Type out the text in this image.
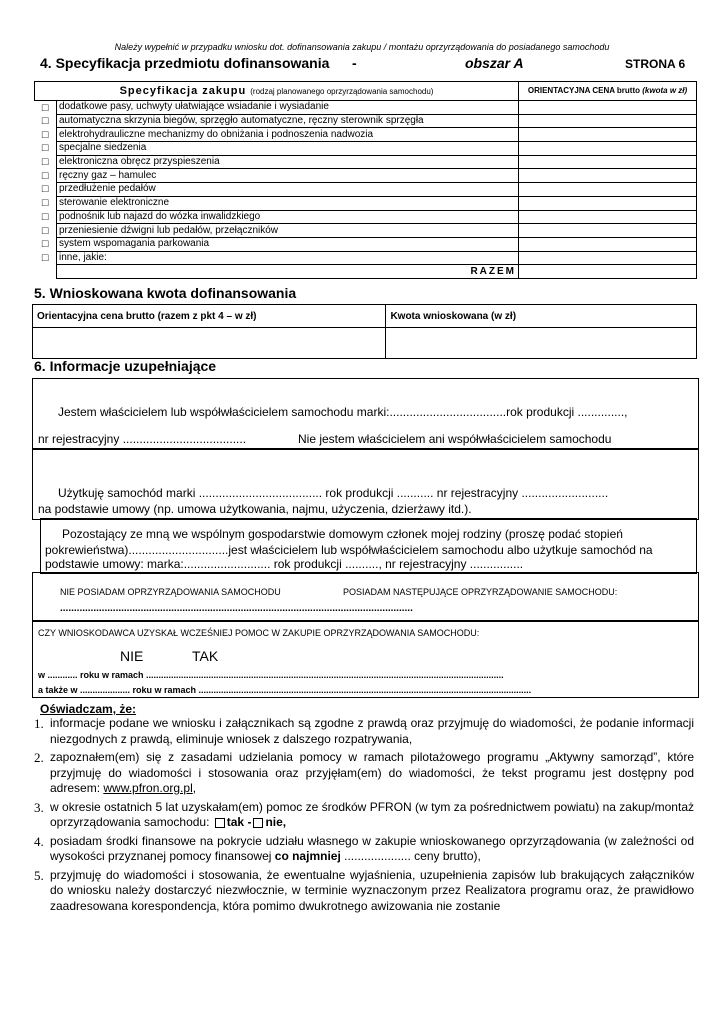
Należy wypełnić w przypadku wniosku dot. dofinansowania zakupu / montażu oprzyrządowania do posiadanego samochodu
4. Specyfikacja przedmiotu dofinansowania -	obszar A	STRONA 6
Specyfikacja zakupu (rodzaj planowanego oprzyrządowania samochodu)		ORIENTACYJNA CENA brutto (kwota w zł)
□	dodatkowe pasy, uchwyty ułatwiające wsiadanie i wysiadanie	
□	automatyczna skrzynia biegów, sprzęgło automatyczne, ręczny sterownik sprzęgła	
□	elektrohydrauliczne mechanizmy do obniżania i podnoszenia nadwozia	
□	specjalne siedzenia	
□	elektroniczna obręcz przyspieszenia	
□	ręczny gaz – hamulec	
□	przedłużenie pedałów	
□	sterowanie elektroniczne	
□	podnośnik lub najazd do wózka inwalidzkiego	
□	przeniesienie dźwigni lub pedałów, przełączników	
□	system wspomagania parkowania	
□	inne, jakie:	
	RAZEM	
5. Wnioskowana kwota dofinansowania
Orientacyjna cena brutto (razem z pkt 4 – w zł)	Kwota wnioskowana (w zł)

6. Informacje uzupełniające
Jestem właścicielem lub współwłaścicielem samochodu marki:...................................rok produkcji ..............,
nr rejestracyjny .....................................	Nie jestem właścicielem ani współwłaścicielem samochodu
Użytkuję samochód marki ..................................... rok produkcji ........... nr rejestracyjny ..........................
na podstawie umowy (np. umowa użytkowania, najmu, użyczenia, dzierżawy itd.).
Pozostający ze mną we wspólnym gospodarstwie domowym członek mojej rodziny (proszę podać stopień
pokrewieństwa)..............................jest właścicielem lub współwłaścicielem samochodu albo użytkuje samochód na
podstawie umowy: marka:.......................... rok produkcji .........., nr rejestracyjny ................
NIE POSIADAM OPRZYRZĄDOWANIA SAMOCHODU	POSIADAM NASTĘPUJĄCE OPRZYRZĄDOWANIE SAMOCHODU:
...............................................................................................................................
CZY WNIOSKODAWCA UZYSKAŁ WCZEŚNIEJ POMOC W ZAKUPIE OPRZYRZĄDOWANIA SAMOCHODU:
NIE	TAK
w ............ roku w ramach ...............................................................................................................................................
a także w .................... roku w ramach .....................................................................................................................................
Oświadczam, że:
1. informacje podane we wniosku i załącznikach są zgodne z prawdą oraz przyjmuję do wiadomości, że podanie informacji niezgodnych z prawdą, eliminuje wniosek z dalszego rozpatrywania,
2. zapoznałem(em) się z zasadami udzielania pomocy w ramach pilotażowego programu „Aktywny samorząd”, które przyjmuję do wiadomości i stosowania oraz przyjęłam(em) do wiadomości, że tekst programu jest dostępny pod adresem: www.pfron.org.pl,
3. w okresie ostatnich 5 lat uzyskałam(em) pomoc ze środków PFRON (w tym za pośrednictwem powiatu) na zakup/montaż oprzyrządowania samochodu: tak - nie,
4. posiadam środki finansowe na pokrycie udziału własnego w zakupie wnioskowanego oprzyrządowania (w zależności od wysokości przyznanej pomocy finansowej co najmniej .................... ceny brutto),
5. przyjmuję do wiadomości i stosowania, że ewentualne wyjaśnienia, uzupełnienia zapisów lub brakujących załączników do wniosku należy dostarczyć niezwłocznie, w terminie wyznaczonym przez Realizatora programu oraz, że prawidłowo zaadresowana korespondencja, która pomimo dwukrotnego awizowania nie zostanie
